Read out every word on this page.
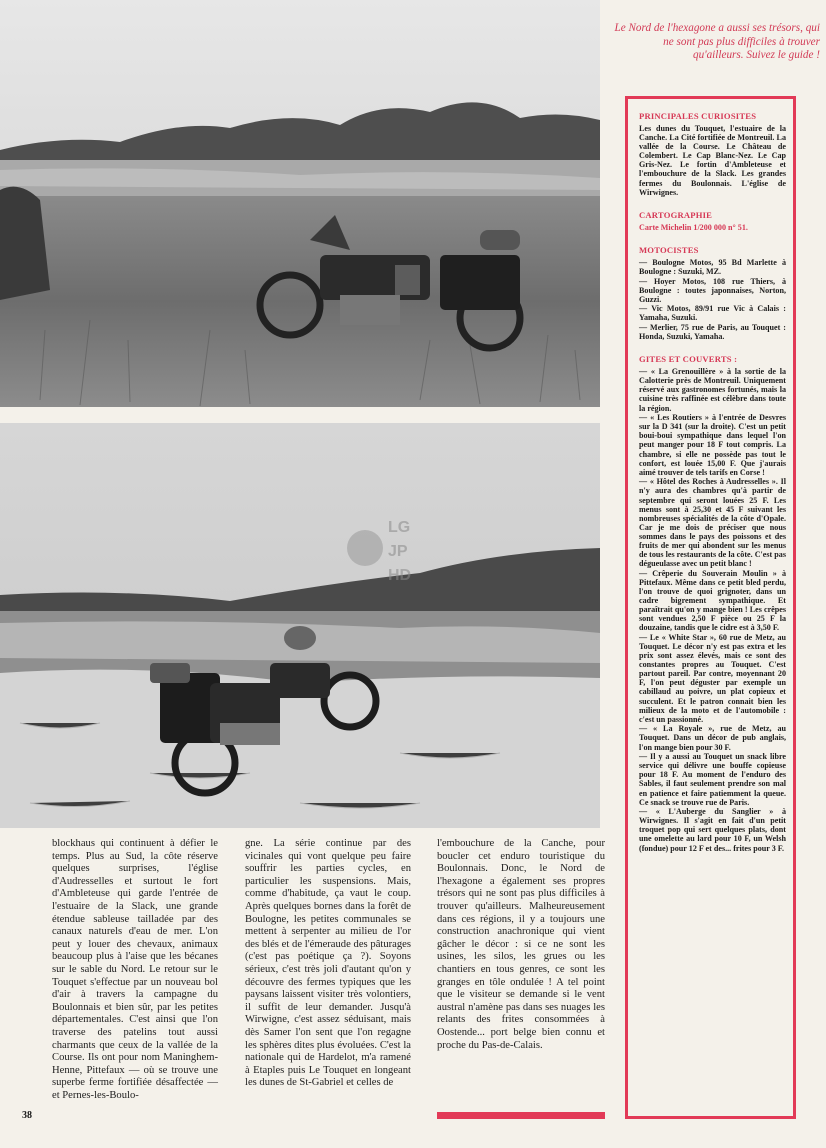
LG
JP
HD
Le Nord de l'hexagone a aussi ses trésors, qui ne sont pas plus difficiles à trouver qu'ailleurs. Suivez le guide !
PRINCIPALES CURIOSITES
Les dunes du Touquet, l'estuaire de la Canche. La Cité fortifiée de Montreuil. La vallée de la Course. Le Château de Colembert. Le Cap Blanc-Nez. Le Cap Gris-Nez. Le fortin d'Ambleteuse et l'embouchure de la Slack. Les grandes fermes du Boulonnais. L'église de Wirwignes.
CARTOGRAPHIE
Carte Michelin 1/200 000 n° 51.
MOTOCISTES
— Boulogne Motos, 95 Bd Marlette à Boulogne : Suzuki, MZ.
— Hoyer Motos, 108 rue Thiers, à Boulogne : toutes japonnaises, Norton, Guzzi.
— Vic Motos, 89/91 rue Vic à Calais : Yamaha, Suzuki.
— Merlier, 75 rue de Paris, au Touquet : Honda, Suzuki, Yamaha.
GITES ET COUVERTS :
— « La Grenouillère » à la sortie de la Calotterie près de Montreuil. Uniquement réservé aux gastronomes fortunés, mais la cuisine très raffinée est célèbre dans toute la région.
— « Les Routiers » à l'entrée de Desvres sur la D 341 (sur la droite). C'est un petit boui-boui sympathique dans lequel l'on peut manger pour 18 F tout compris. La chambre, si elle ne possède pas tout le confort, est louée 15,00 F. Que j'aurais aimé trouver de tels tarifs en Corse !
— « Hôtel des Roches à Audresselles ». Il n'y aura des chambres qu'à partir de septembre qui seront louées 25 F. Les menus sont à 25,30 et 45 F suivant les nombreuses spécialités de la côte d'Opale. Car je me dois de préciser que nous sommes dans le pays des poissons et des fruits de mer qui abondent sur les menus de tous les restaurants de la côte. C'est pas dégueulasse avec un petit blanc !
— Crêperie du Souverain Moulin » à Pittefaux. Même dans ce petit bled perdu, l'on trouve de quoi grignoter, dans un cadre bigrement sympathique. Et paraîtrait qu'on y mange bien ! Les crêpes sont vendues 2,50 F pièce ou 25 F la douzaine, tandis que le cidre est à 3,50 F.
— Le « White Star », 60 rue de Metz, au Touquet. Le décor n'y est pas extra et les prix sont assez élevés, mais ce sont des constantes propres au Touquet. C'est partout pareil. Par contre, moyennant 20 F, l'on peut déguster par exemple un cabillaud au poivre, un plat copieux et succulent. Et le patron connait bien les milieux de la moto et de l'automobile : c'est un passionné.
— « La Royale », rue de Metz, au Touquet. Dans un décor de pub anglais, l'on mange bien pour 30 F.
— Il y a aussi au Touquet un snack libre service qui délivre une bouffe copieuse pour 18 F. Au moment de l'enduro des Sables, il faut seulement prendre son mal en patience et faire patiemment la queue. Ce snack se trouve rue de Paris.
— « L'Auberge du Sanglier » à Wirwignes. Il s'agit en fait d'un petit troquet pop qui sert quelques plats, dont une omelette au lard pour 10 F, un Welsh (fondue) pour 12 F et des... frites pour 3 F.
blockhaus qui continuent à défier le temps. Plus au Sud, la côte réserve quelques surprises, l'église d'Audresselles et surtout le fort d'Ambleteuse qui garde l'entrée de l'estuaire de la Slack, une grande étendue sableuse tailladée par des canaux naturels d'eau de mer. L'on peut y louer des chevaux, animaux beaucoup plus à l'aise que les bécanes sur le sable du Nord. Le retour sur le Touquet s'effectue par un nouveau bol d'air à travers la campagne du Boulonnais et bien sûr, par les petites départementales. C'est ainsi que l'on traverse des patelins tout aussi charmants que ceux de la vallée de la Course. Ils ont pour nom Maninghem-Henne, Pittefaux — où se trouve une superbe ferme fortifiée désaffectée — et Pernes-les-Boulo-
gne. La série continue par des vicinales qui vont quelque peu faire souffrir les parties cycles, en particulier les suspensions. Mais, comme d'habitude, ça vaut le coup. Après quelques bornes dans la forêt de Boulogne, les petites communales se mettent à serpenter au milieu de l'or des blés et de l'émeraude des pâturages (c'est pas poétique ça ?). Soyons sérieux, c'est très joli d'autant qu'on y découvre des fermes typiques que les paysans laissent visiter très volontiers, il suffit de leur demander. Jusqu'à Wirwigne, c'est assez séduisant, mais dès Samer l'on sent que l'on regagne les sphères dites plus évoluées. C'est la nationale qui de Hardelot, m'a ramené à Etaples puis Le Touquet en longeant les dunes de St-Gabriel et celles de
l'embouchure de la Canche, pour boucler cet enduro touristique du Boulonnais. Donc, le Nord de l'hexagone a également ses propres trésors qui ne sont pas plus difficiles à trouver qu'ailleurs. Malheureusement dans ces régions, il y a toujours une construction anachronique qui vient gâcher le décor : si ce ne sont les usines, les silos, les grues ou les chantiers en tous genres, ce sont les granges en tôle ondulée ! A tel point que le visiteur se demande si le vent austral n'amène pas dans ses nuages les relants des frites consommées à Oostende... port belge bien connu et proche du Pas-de-Calais.
38
